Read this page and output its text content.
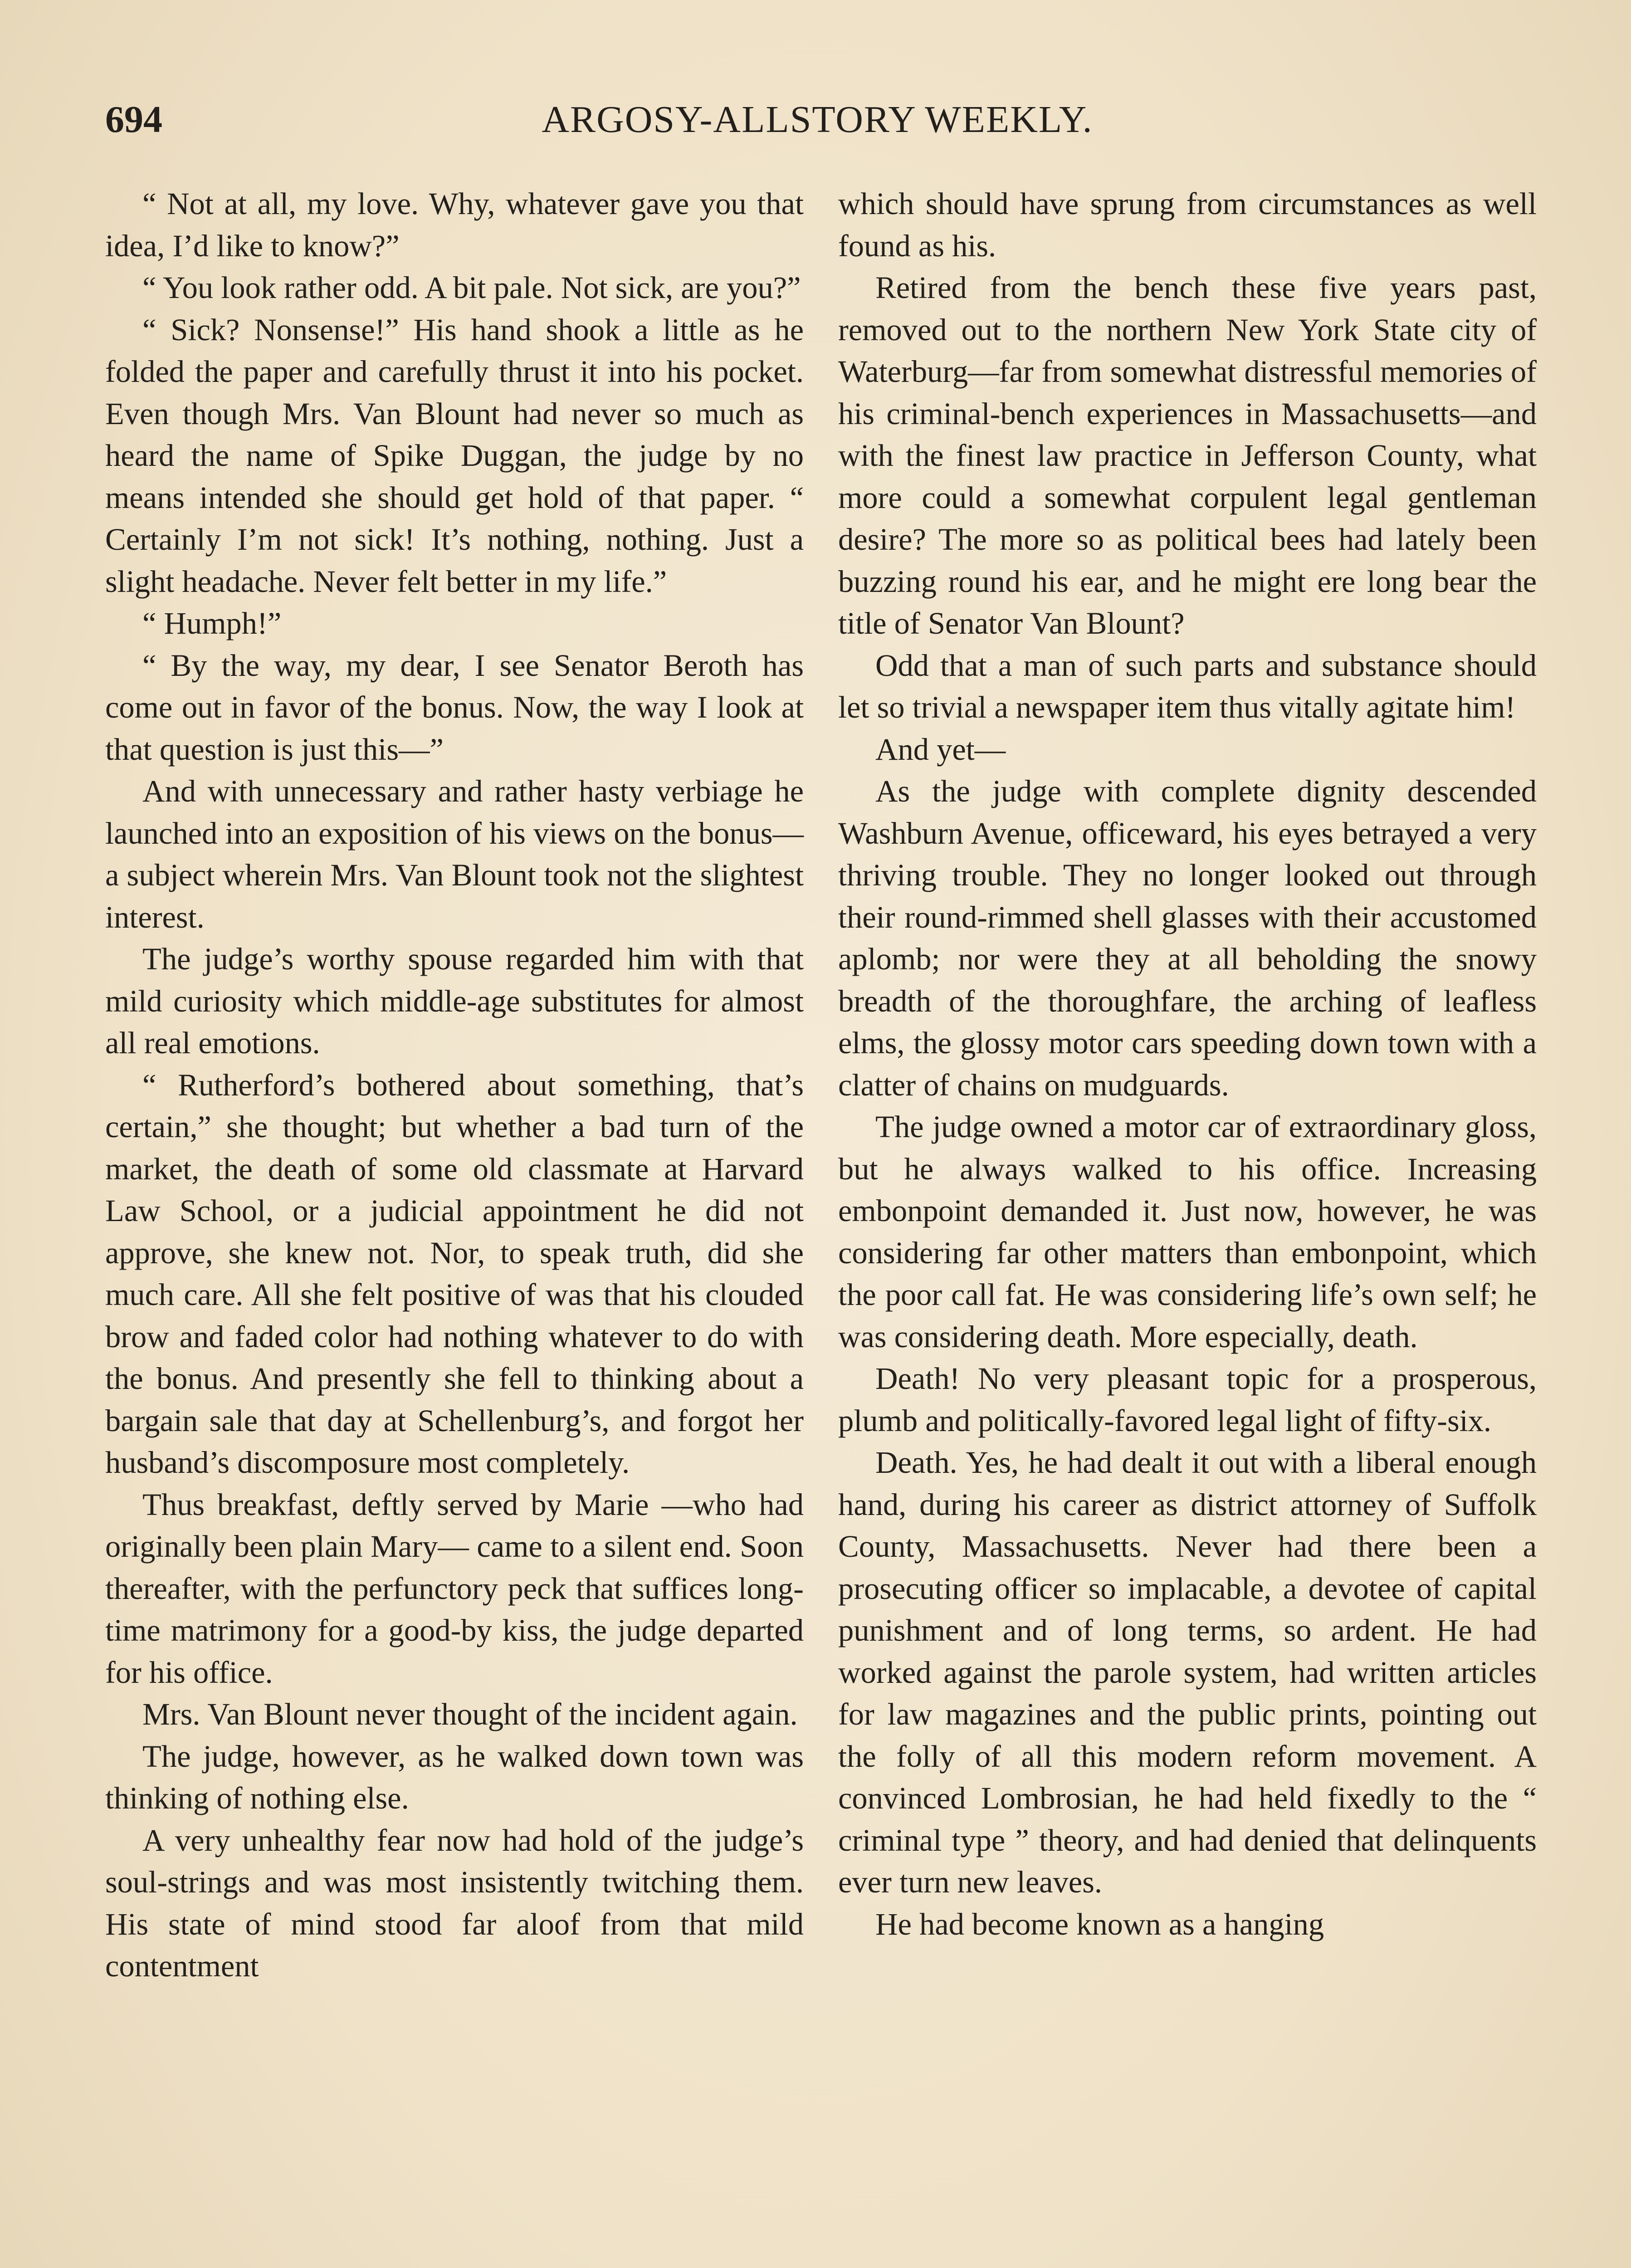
694	ARGOSY-ALLSTORY WEEKLY.

“ Not at all, my love. Why, whatever gave you that idea, I’d like to know?”

“ You look rather odd. A bit pale. Not sick, are you?”

“ Sick? Nonsense!” His hand shook a little as he folded the paper and carefully thrust it into his pocket. Even though Mrs. Van Blount had never so much as heard the name of Spike Duggan, the judge by no means intended she should get hold of that paper. “ Certainly I’m not sick! It’s nothing, nothing. Just a slight headache. Never felt better in my life.”

“ Humph!”

“ By the way, my dear, I see Senator Beroth has come out in favor of the bonus. Now, the way I look at that question is just this—”

And with unnecessary and rather hasty verbiage he launched into an exposition of his views on the bonus—a subject wherein Mrs. Van Blount took not the slightest interest.

The judge’s worthy spouse regarded him with that mild curiosity which middle-age substitutes for almost all real emotions.

“ Rutherford’s bothered about something, that’s certain,” she thought; but whether a bad turn of the market, the death of some old classmate at Harvard Law School, or a judicial appointment he did not approve, she knew not. Nor, to speak truth, did she much care. All she felt positive of was that his clouded brow and faded color had nothing whatever to do with the bonus. And presently she fell to thinking about a bargain sale that day at Schellenburg’s, and forgot her husband’s discomposure most completely.

Thus breakfast, deftly served by Marie —who had originally been plain Mary— came to a silent end. Soon thereafter, with the perfunctory peck that suffices long-time matrimony for a good-by kiss, the judge departed for his office.

Mrs. Van Blount never thought of the incident again.

The judge, however, as he walked down town was thinking of nothing else.

A very unhealthy fear now had hold of the judge’s soul-strings and was most insistently twitching them. His state of mind stood far aloof from that mild contentment

which should have sprung from circumstances as well found as his.

Retired from the bench these five years past, removed out to the northern New York State city of Waterburg—far from somewhat distressful memories of his criminal-bench experiences in Massachusetts—and with the finest law practice in Jefferson County, what more could a somewhat corpulent legal gentleman desire? The more so as political bees had lately been buzzing round his ear, and he might ere long bear the title of Senator Van Blount?

Odd that a man of such parts and substance should let so trivial a newspaper item thus vitally agitate him!

And yet—

As the judge with complete dignity descended Washburn Avenue, officeward, his eyes betrayed a very thriving trouble. They no longer looked out through their round-rimmed shell glasses with their accustomed aplomb; nor were they at all beholding the snowy breadth of the thoroughfare, the arching of leafless elms, the glossy motor cars speeding down town with a clatter of chains on mudguards.

The judge owned a motor car of extraordinary gloss, but he always walked to his office. Increasing embonpoint demanded it. Just now, however, he was considering far other matters than embonpoint, which the poor call fat. He was considering life’s own self; he was considering death. More especially, death.

Death! No very pleasant topic for a prosperous, plumb and politically-favored legal light of fifty-six.

Death. Yes, he had dealt it out with a liberal enough hand, during his career as district attorney of Suffolk County, Massachusetts. Never had there been a prosecuting officer so implacable, a devotee of capital punishment and of long terms, so ardent. He had worked against the parole system, had written articles for law magazines and the public prints, pointing out the folly of all this modern reform movement. A convinced Lombrosian, he had held fixedly to the “ criminal type ” theory, and had denied that delinquents ever turn new leaves.

He had become known as a hanging
